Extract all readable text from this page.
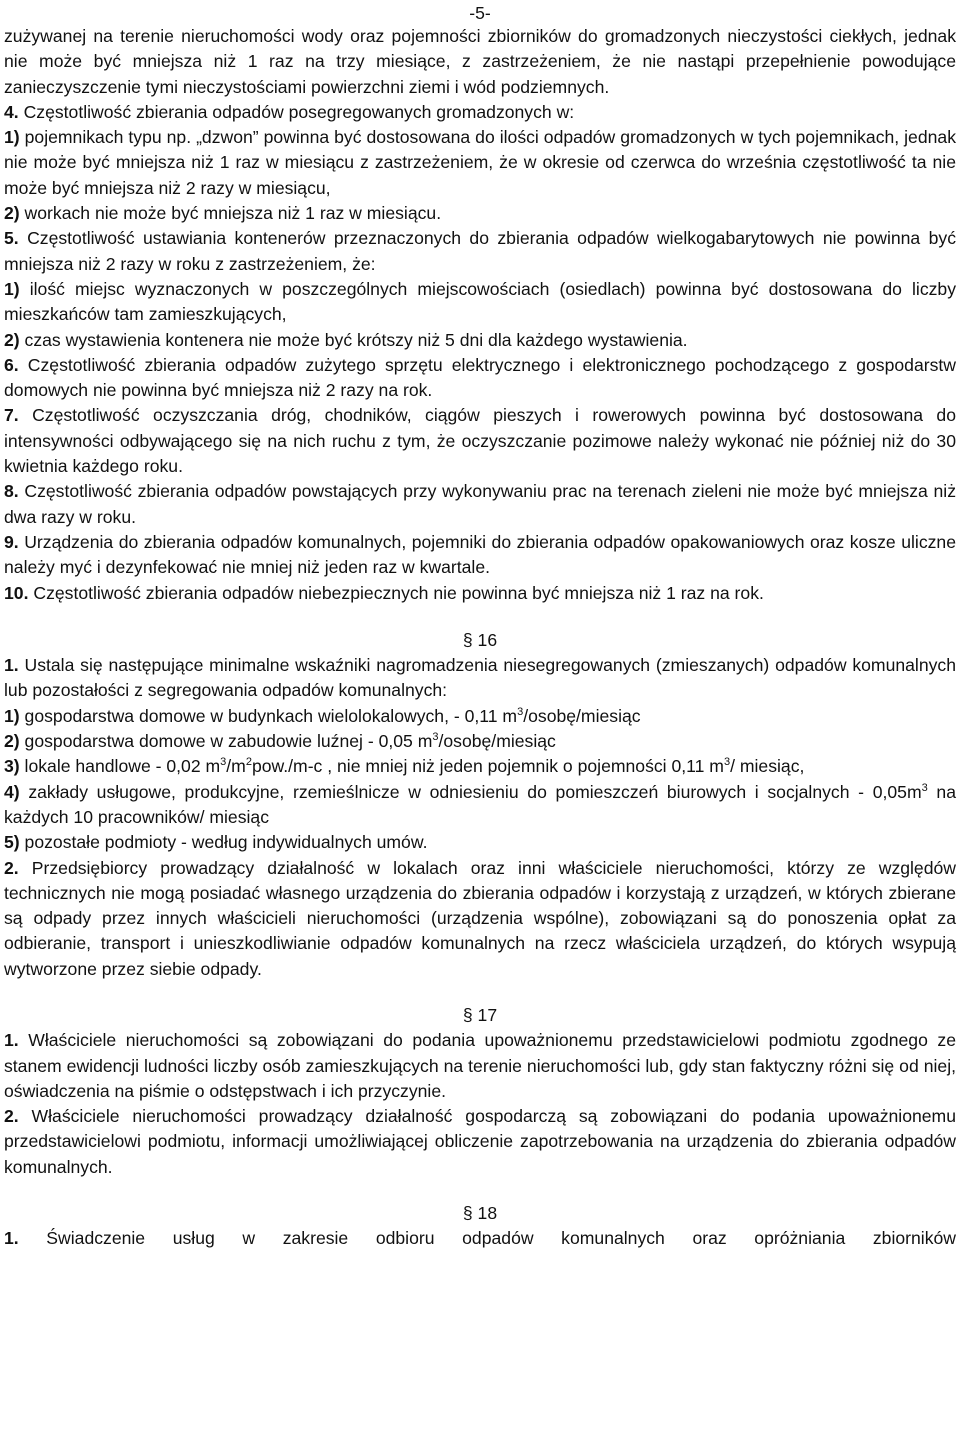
-5-

zużywanej na terenie nieruchomości wody oraz pojemności zbiorników do gromadzonych nieczystości ciekłych, jednak nie może być mniejsza niż 1 raz na trzy miesiące, z zastrzeżeniem, że nie nastąpi przepełnienie powodujące zanieczyszczenie tymi nieczystościami powierzchni ziemi i wód podziemnych.

4. Częstotliwość zbierania odpadów posegregowanych gromadzonych w:

1) pojemnikach typu np. „dzwon” powinna być dostosowana do ilości odpadów gromadzonych w tych pojemnikach, jednak nie może być mniejsza niż 1 raz w miesiącu z zastrzeżeniem, że w okresie od czerwca do września częstotliwość ta nie może być mniejsza niż 2 razy w miesiącu,

2) workach nie może być mniejsza niż 1 raz w miesiącu.

5. Częstotliwość ustawiania kontenerów przeznaczonych do zbierania odpadów wielkogabarytowych nie powinna być mniejsza niż 2 razy w roku z zastrzeżeniem, że:

1) ilość miejsc wyznaczonych w poszczególnych miejscowościach (osiedlach) powinna być dostosowana do liczby mieszkańców tam zamieszkujących,

2) czas wystawienia kontenera nie może być krótszy niż 5 dni dla każdego wystawienia.

6. Częstotliwość zbierania odpadów zużytego sprzętu elektrycznego i elektronicznego pochodzącego z gospodarstw domowych nie powinna być mniejsza niż 2 razy na rok.

7. Częstotliwość oczyszczania dróg, chodników, ciągów pieszych i rowerowych powinna być dostosowana do intensywności odbywającego się na nich ruchu z tym, że oczyszczanie pozimowe należy wykonać nie później niż do 30 kwietnia każdego roku.

8. Częstotliwość zbierania odpadów powstających przy wykonywaniu prac na terenach zieleni nie może być mniejsza niż dwa razy w roku.

9. Urządzenia do zbierania odpadów komunalnych, pojemniki do zbierania odpadów opakowaniowych oraz kosze uliczne należy myć i dezynfekować nie mniej niż jeden raz w kwartale.

10. Częstotliwość zbierania odpadów niebezpiecznych nie powinna być mniejsza niż 1 raz na rok.

§ 16

1. Ustala się następujące minimalne wskaźniki nagromadzenia niesegregowanych (zmieszanych) odpadów komunalnych lub pozostałości z segregowania odpadów komunalnych:

1) gospodarstwa domowe w budynkach wielolokalowych, - 0,11 $m^3/osobę$/miesiąc

2) gospodarstwa domowe w zabudowie luźnej - 0,05 $m^3/osobę$/miesiąc

3) lokale handlowe - 0,02 $m^3/m^2pow./m-c$ , nie mniej niż jeden pojemnik o pojemności 0,11 $m^3/$ miesiąc,

4) zakłady usługowe, produkcyjne, rzemieślnicze w odniesieniu do pomieszczeń biurowych i socjalnych - $0,05m^3$ na każdych 10 pracowników/ miesiąc

5) pozostałe podmioty - według indywidualnych umów.

2. Przedsiębiorcy prowadzący działalność w lokalach oraz inni właściciele nieruchomości, którzy ze względów technicznych nie mogą posiadać własnego urządzenia do zbierania odpadów i korzystają z urządzeń, w których zbierane są odpady przez innych właścicieli nieruchomości (urządzenia wspólne), zobowiązani są do ponoszenia opłat za odbieranie, transport i unieszkodliwianie odpadów komunalnych na rzecz właściciela urządzeń, do których wsypują wytworzone przez siebie odpady.

§ 17

1. Właściciele nieruchomości są zobowiązani do podania upoważnionemu przedstawicielowi podmiotu zgodnego ze stanem ewidencji ludności liczby osób zamieszkujących na terenie nieruchomości lub, gdy stan faktyczny różni się od niej, oświadczenia na piśmie o odstępstwach i ich przyczynie.

2. Właściciele nieruchomości prowadzący działalność gospodarczą są zobowiązani do podania upoważnionemu przedstawicielowi podmiotu, informacji umożliwiającej obliczenie zapotrzebowania na urządzenia do zbierania odpadów komunalnych.

§ 18

1. Świadczenie usług w zakresie odbioru odpadów komunalnych oraz opróżniania zbiorników
